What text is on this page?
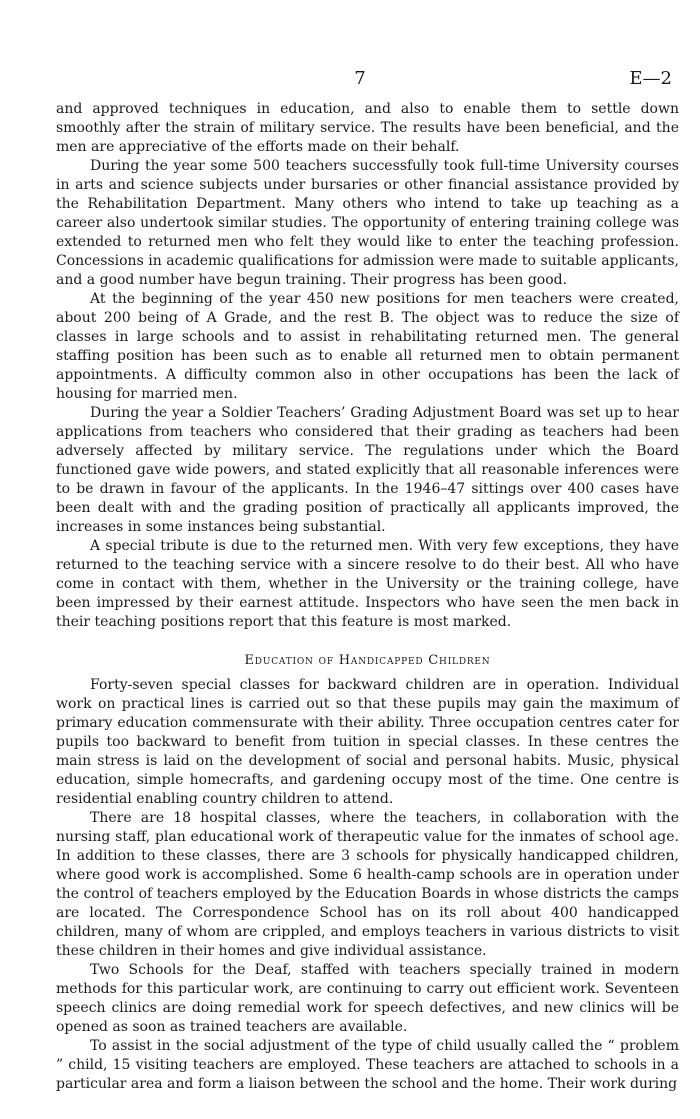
7	E—2

and approved techniques in education, and also to enable them to settle down smoothly after the strain of military service. The results have been beneficial, and the men are appreciative of the efforts made on their behalf.

During the year some 500 teachers successfully took full-time University courses in arts and science subjects under bursaries or other financial assistance provided by the Rehabilitation Department. Many others who intend to take up teaching as a career also undertook similar studies. The opportunity of entering training college was extended to returned men who felt they would like to enter the teaching profession. Concessions in academic qualifications for admission were made to suitable applicants, and a good number have begun training. Their progress has been good.

At the beginning of the year 450 new positions for men teachers were created, about 200 being of A Grade, and the rest B. The object was to reduce the size of classes in large schools and to assist in rehabilitating returned men. The general staffing position has been such as to enable all returned men to obtain permanent appointments. A difficulty common also in other occupations has been the lack of housing for married men.

During the year a Soldier Teachers’ Grading Adjustment Board was set up to hear applications from teachers who considered that their grading as teachers had been adversely affected by military service. The regulations under which the Board functioned gave wide powers, and stated explicitly that all reasonable inferences were to be drawn in favour of the applicants. In the 1946–47 sittings over 400 cases have been dealt with and the grading position of practically all applicants improved, the increases in some instances being substantial.

A special tribute is due to the returned men. With very few exceptions, they have returned to the teaching service with a sincere resolve to do their best. All who have come in contact with them, whether in the University or the training college, have been impressed by their earnest attitude. Inspectors who have seen the men back in their teaching positions report that this feature is most marked.

Education of Handicapped Children

Forty-seven special classes for backward children are in operation. Individual work on practical lines is carried out so that these pupils may gain the maximum of primary education commensurate with their ability. Three occupation centres cater for pupils too backward to benefit from tuition in special classes. In these centres the main stress is laid on the development of social and personal habits. Music, physical education, simple homecrafts, and gardening occupy most of the time. One centre is residential enabling country children to attend.

There are 18 hospital classes, where the teachers, in collaboration with the nursing staff, plan educational work of therapeutic value for the inmates of school age. In addition to these classes, there are 3 schools for physically handicapped children, where good work is accomplished. Some 6 health-camp schools are in operation under the control of teachers employed by the Education Boards in whose districts the camps are located. The Correspondence School has on its roll about 400 handicapped children, many of whom are crippled, and employs teachers in various districts to visit these children in their homes and give individual assistance.

Two Schools for the Deaf, staffed with teachers specially trained in modern methods for this particular work, are continuing to carry out efficient work. Seventeen speech clinics are doing remedial work for speech defectives, and new clinics will be opened as soon as trained teachers are available.

To assist in the social adjustment of the type of child usually called the “ problem ” child, 15 visiting teachers are employed. These teachers are attached to schools in a particular area and form a liaison between the school and the home. Their work during
